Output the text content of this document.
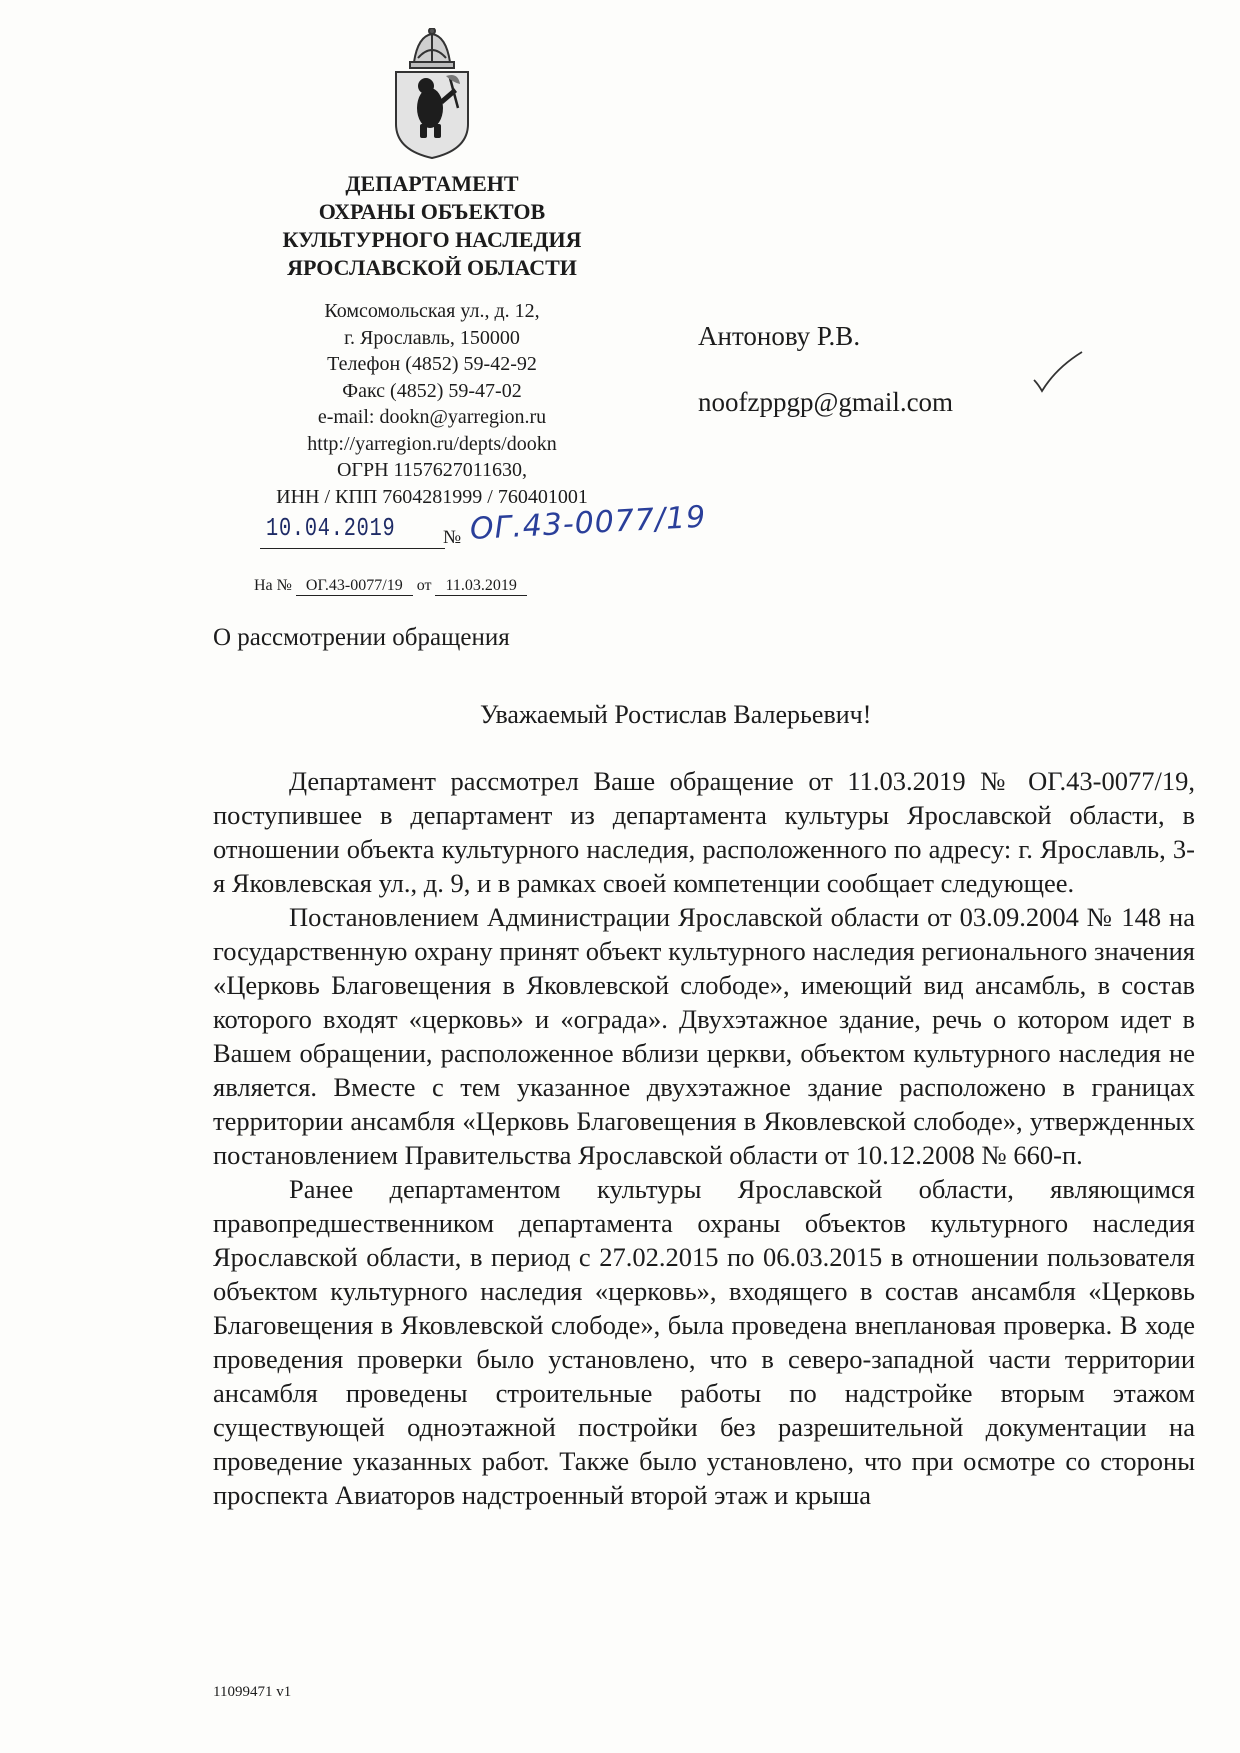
ДЕПАРТАМЕНТ
ОХРАНЫ ОБЪЕКТОВ
КУЛЬТУРНОГО НАСЛЕДИЯ
ЯРОСЛАВСКОЙ ОБЛАСТИ
Комсомольская ул., д. 12,
г. Ярославль, 150000
Телефон (4852) 59-42-92
Факс (4852) 59-47-02
e-mail: dookn@yarregion.ru
http://yarregion.ru/depts/dookn
ОГРН 1157627011630,
ИНН / КПП 7604281999 / 760401001
10.04.2019 № ОГ.43-0077/19
На № ОГ.43-0077/19 от 11.03.2019
Антонову Р.В.
noofzppgp@gmail.com
О рассмотрении обращения
Уважаемый Ростислав Валерьевич!

Департамент рассмотрел Ваше обращение от 11.03.2019 № ОГ.43-0077/19, поступившее в департамент из департамента культуры Ярославской области, в отношении объекта культурного наследия, расположенного по адресу: г. Ярославль, 3-я Яковлевская ул., д. 9, и в рамках своей компетенции сообщает следующее.

Постановлением Администрации Ярославской области от 03.09.2004 № 148 на государственную охрану принят объект культурного наследия регионального значения «Церковь Благовещения в Яковлевской слободе», имеющий вид ансамбль, в состав которого входят «церковь» и «ограда». Двухэтажное здание, речь о котором идет в Вашем обращении, расположенное вблизи церкви, объектом культурного наследия не является. Вместе с тем указанное двухэтажное здание расположено в границах территории ансамбля «Церковь Благовещения в Яковлевской слободе», утвержденных постановлением Правительства Ярославской области от 10.12.2008 № 660-п.

Ранее департаментом культуры Ярославской области, являющимся правопредшественником департамента охраны объектов культурного наследия Ярославской области, в период с 27.02.2015 по 06.03.2015 в отношении пользователя объектом культурного наследия «церковь», входящего в состав ансамбля «Церковь Благовещения в Яковлевской слободе», была проведена внеплановая проверка. В ходе проведения проверки было установлено, что в северо-западной части территории ансамбля проведены строительные работы по надстройке вторым этажом существующей одноэтажной постройки без разрешительной документации на проведение указанных работ. Также было установлено, что при осмотре со стороны проспекта Авиаторов надстроенный второй этаж и крыша

11099471 v1
